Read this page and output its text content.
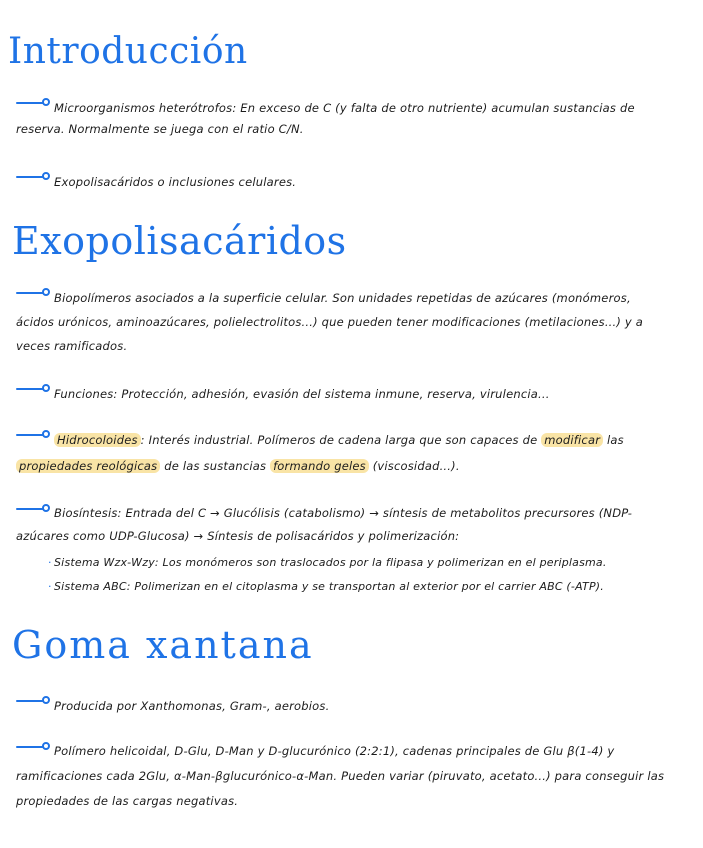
Introducción
Microorganismos heterótrofos: En exceso de C (y falta de otro nutriente) acumulan sustancias de reserva. Normalmente se juega con el ratio C/N.
Exopolisacáridos o inclusiones celulares.
Exopolisacáridos
Biopolímeros asociados a la superficie celular. Son unidades repetidas de azúcares (monómeros, ácidos urónicos, aminoazúcares, polielectrolitos...) que pueden tener modificaciones (metilaciones...) y a veces ramificados.
Funciones: Protección, adhesión, evasión del sistema inmune, reserva, virulencia...
Hidrocoloides : Interés industrial. Polímeros de cadena larga que son capaces de modificar las propiedades reológicas de las sustancias formando geles (viscosidad...).
Biosíntesis: Entrada del C → Glucólisis (catabolismo) → síntesis de metabolitos precursores (NDP-azúcares como UDP-Glucosa) → Síntesis de polisacáridos y polimerización:
· Sistema Wzx-Wzy: Los monómeros son traslocados por la flipasa y polimerizan en el periplasma.
· Sistema ABC: Polimerizan en el citoplasma y se transportan al exterior por el carrier ABC (-ATP).
Goma xantana
Producida por Xanthomonas, Gram-, aerobios.
Polímero helicoidal, D-Glu, D-Man y D-glucurónico (2:2:1), cadenas principales de Glu β(1-4) y ramificaciones cada 2Glu, α-Man-βglucurónico-α-Man. Pueden variar (piruvato, acetato...) para conseguir las propiedades de las cargas negativas.
